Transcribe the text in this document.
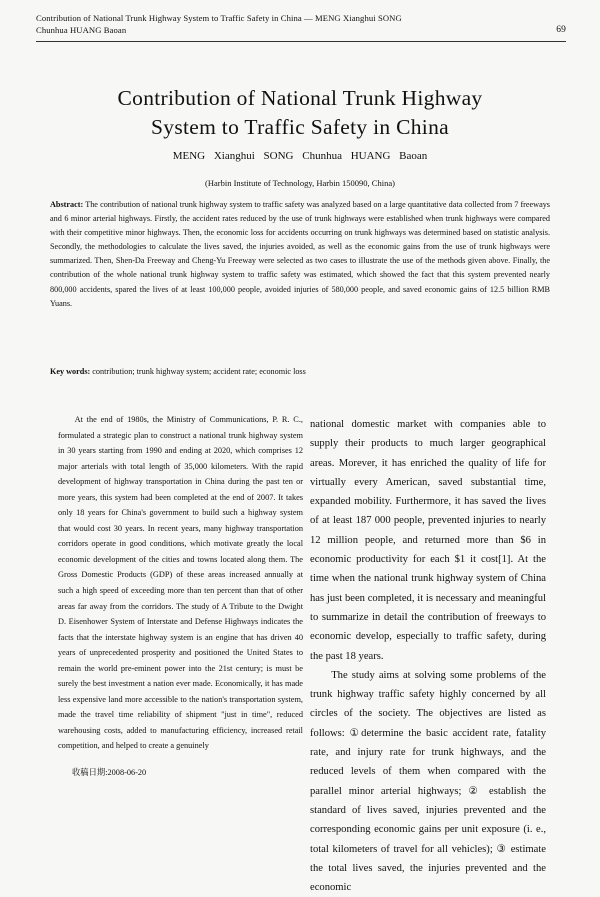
Contribution of National Trunk Highway System to Traffic Safety in China — MENG Xianghui SONG
Chunhua HUANG Baoan	69
Contribution of National Trunk Highway
System to Traffic Safety in China
MENG Xianghui SONG Chunhua HUANG Baoan
(Harbin Institute of Technology, Harbin 150090, China)

Abstract: The contribution of national trunk highway system to traffic safety was analyzed based on a large quantitative data collected from 7 freeways and 6 minor arterial highways. Firstly, the accident rates reduced by the use of trunk highways were established when trunk highways were compared with their competitive minor highways. Then, the economic loss for accidents occurring on trunk highways was determined based on statistic analysis. Secondly, the methodologies to calculate the lives saved, the injuries avoided, as well as the economic gains from the use of trunk highways were summarized. Then, Shen-Da Freeway and Cheng-Yu Freeway were selected as two cases to illustrate the use of the methods given above. Finally, the contribution of the whole national trunk highway system to traffic safety was estimated, which showed the fact that this system prevented nearly 800,000 accidents, spared the lives of at least 100,000 people, avoided injuries of 580,000 people, and saved economic gains of 12.5 billion RMB Yuans.

Key words: contribution; trunk highway system; accident rate; economic loss

At the end of 1980s, the Ministry of Communications, P. R. C., formulated a strategic plan to construct a national trunk highway system in 30 years starting from 1990 and ending at 2020, which comprises 12 major arterials with total length of 35,000 kilometers. With the rapid development of highway transportation in China during the past ten or more years, this system had been completed at the end of 2007. It takes only 18 years for China's government to build such a highway system that would cost 30 years. In recent years, many highway transportation corridors operate in good conditions, which motivate greatly the local economic development of the cities and towns located along them. The Gross Domestic Products (GDP) of these areas increased annually at such a high speed of exceeding more than ten percent than that of other areas far away from the corridors. The study of A Tribute to the Dwight D. Eisenhower System of Interstate and Defense Highways indicates the facts that the interstate highway system is an engine that has driven 40 years of unprecedented prosperity and positioned the United States to remain the world pre-eminent power into the 21st century; is must be surely the best investment a nation ever made. Economically, it has made less expensive land more accessible to the nation's transportation system, made the travel time reliability of shipment "just in time", reduced warehousing costs, added to manufacturing efficiency, increased retail competition, and helped to create a genuinely

national domestic market with companies able to supply their products to much larger geographical areas. Morever, it has enriched the quality of life for virtually every American, saved substantial time, expanded mobility. Furthermore, it has saved the lives of at least 187 000 people, prevented injuries to nearly 12 million people, and returned more than $6 in economic productivity for each $1 it cost[1]. At the time when the national trunk highway system of China has just been completed, it is necessary and meaningful to summarize in detail the contribution of freeways to economic develop, especially to traffic safety, during the past 18 years.

The study aims at solving some problems of the trunk highway traffic safety highly concerned by all circles of the society. The objectives are listed as follows: ①determine the basic accident rate, fatality rate, and injury rate for trunk highways, and the reduced levels of them when compared with the parallel minor arterial highways; ② establish the standard of lives saved, injuries prevented and the corresponding economic gains per unit exposure (i. e., total kilometers of travel for all vehicles); ③ estimate the total lives saved, the injuries prevented and the economic

收稿日期:2008-06-20
